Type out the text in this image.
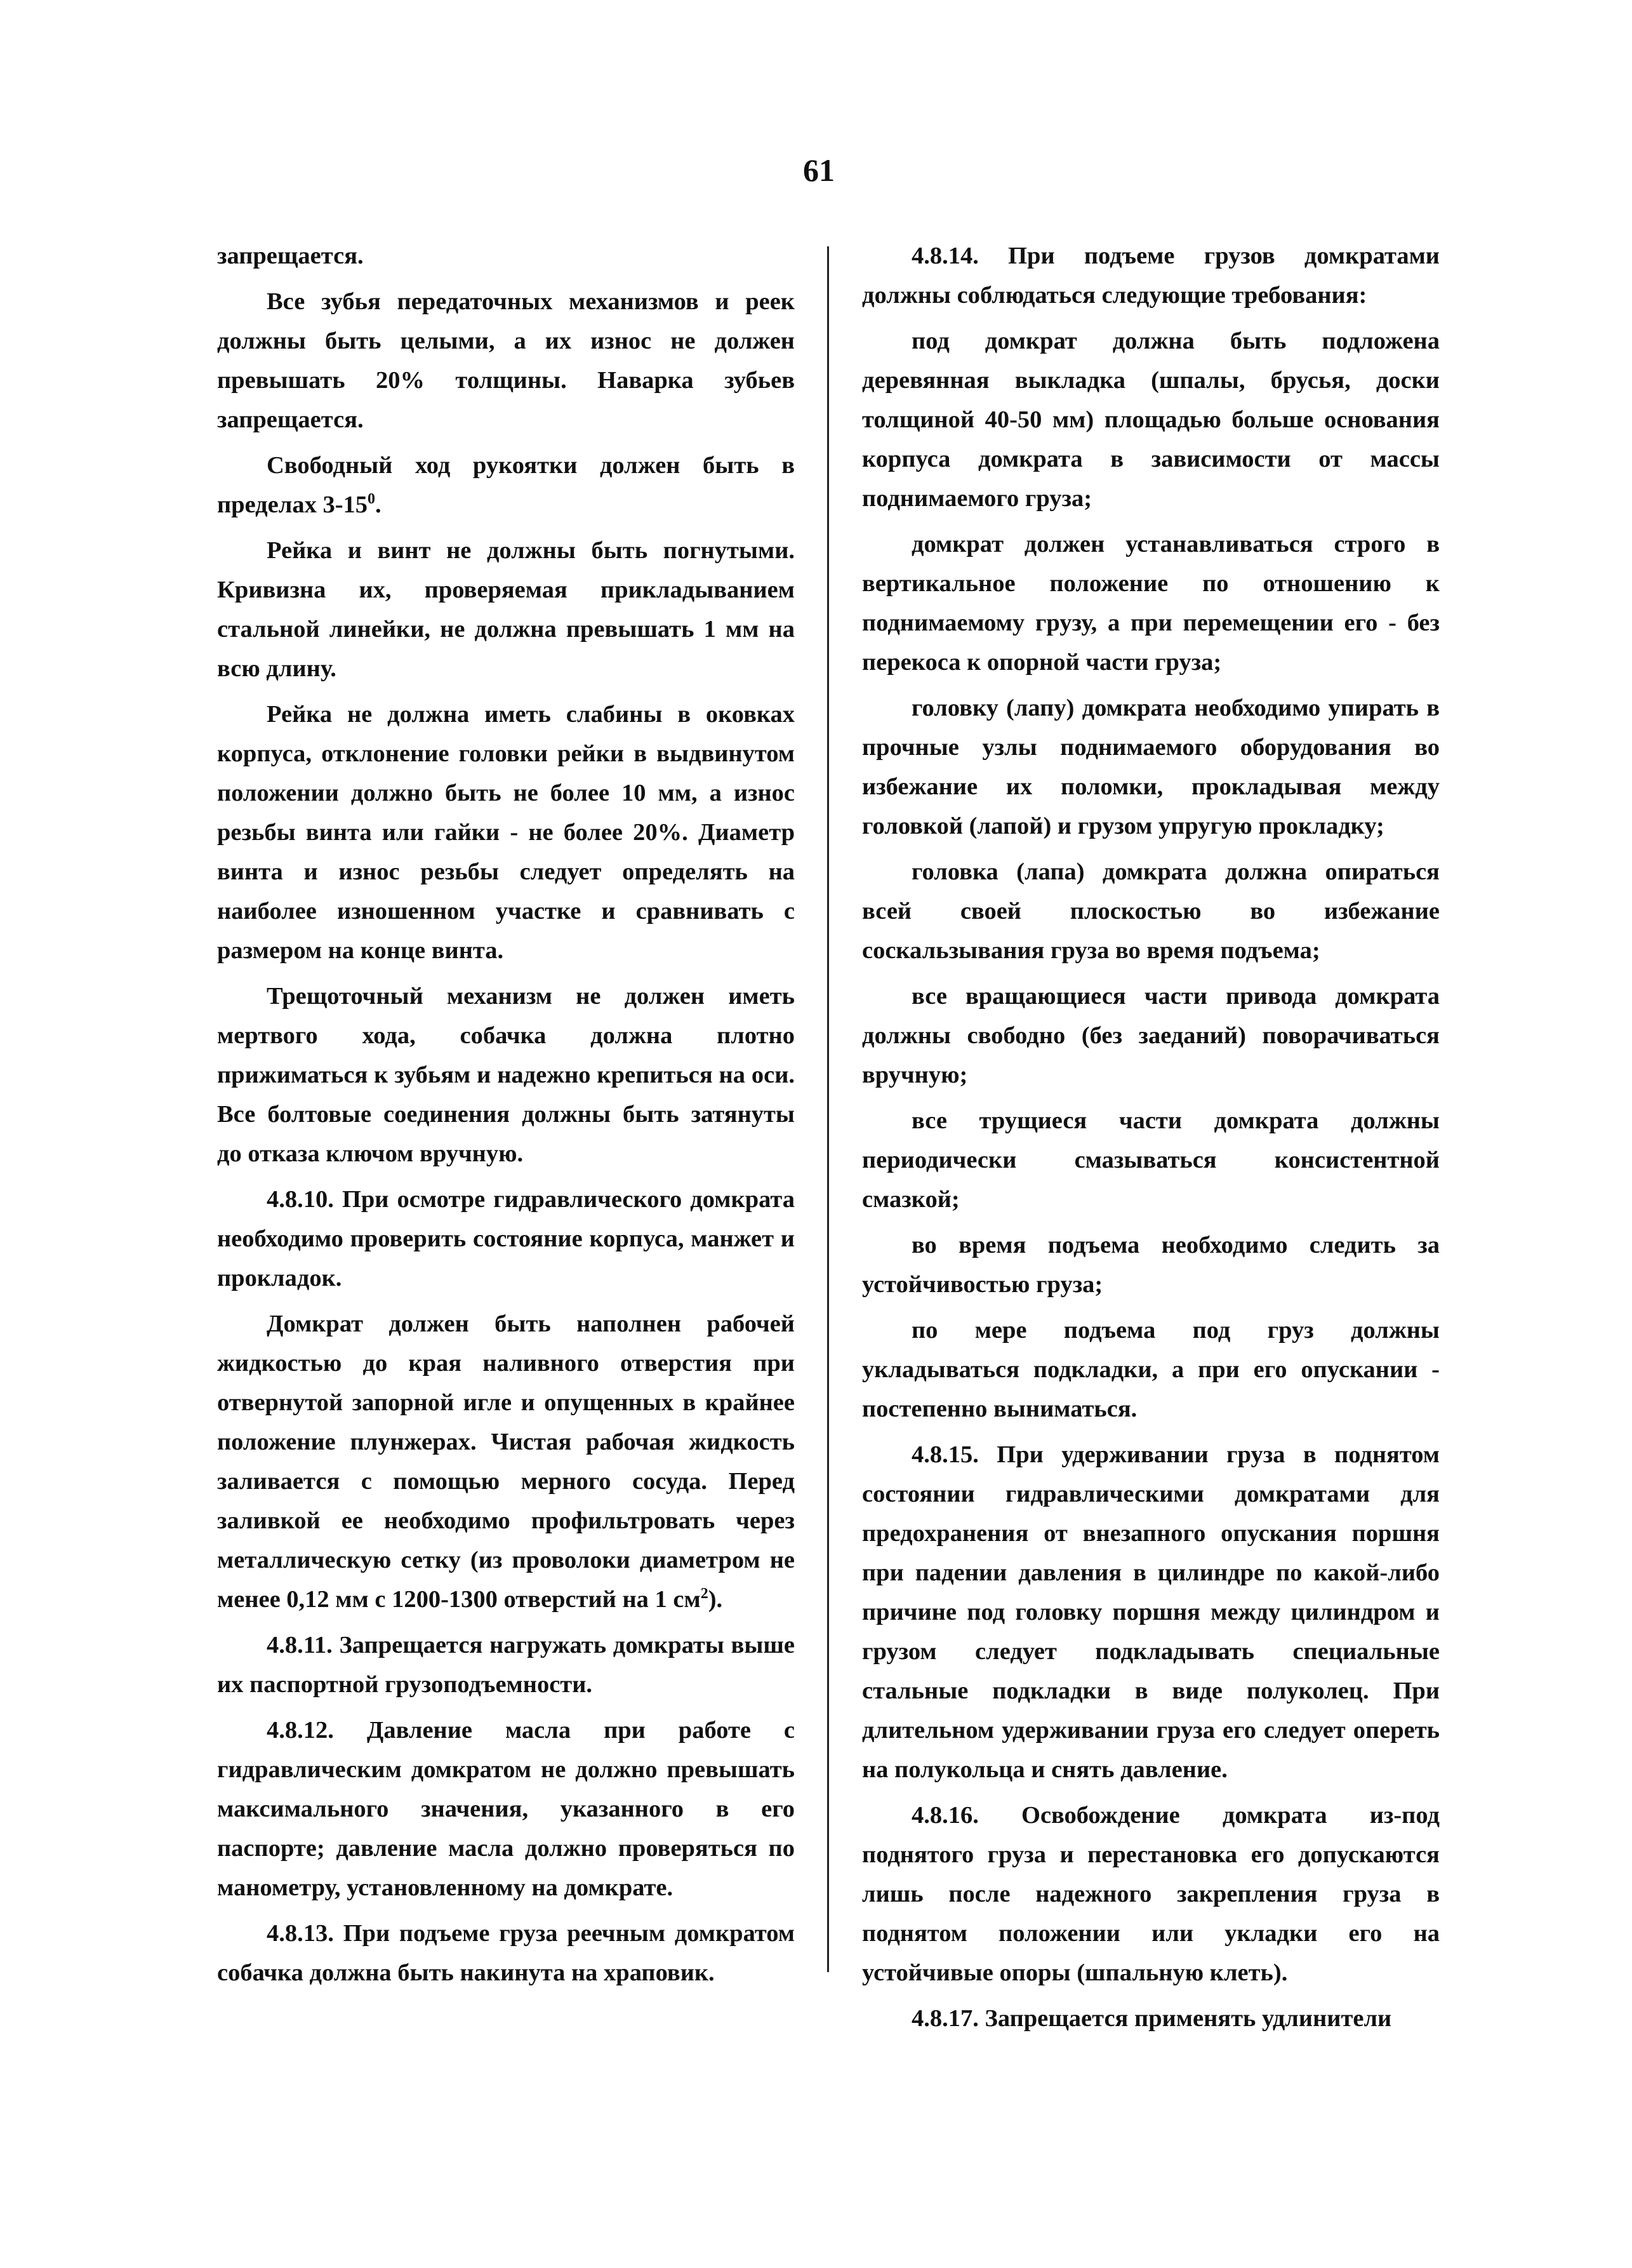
61

запрещается.

Все зубья передаточных механизмов и реек должны быть целыми, а их износ не должен превышать 20% толщины. Наварка зубьев запрещается.

Свободный ход рукоятки должен быть в пределах $3-15^0$.

Рейка и винт не должны быть погнутыми. Кривизна их, проверяемая прикладыванием стальной линейки, не должна превышать 1 мм на всю длину.

Рейка не должна иметь слабины в оковках корпуса, отклонение головки рейки в выдвинутом положении должно быть не более 10 мм, а износ резьбы винта или гайки - не более 20%. Диаметр винта и износ резьбы следует определять на наиболее изношенном участке и сравнивать с размером на конце винта.

Трещоточный механизм не должен иметь мертвого хода, собачка должна плотно прижиматься к зубьям и надежно крепиться на оси. Все болтовые соединения должны быть затянуты до отказа ключом вручную.

4.8.10. При осмотре гидравлического домкрата необходимо проверить состояние корпуса, манжет и прокладок.

Домкрат должен быть наполнен рабочей жидкостью до края наливного отверстия при отвернутой запорной игле и опущенных в крайнее положение плунжерах. Чистая рабочая жидкость заливается с помощью мерного сосуда. Перед заливкой ее необходимо профильтровать через металлическую сетку (из проволоки диаметром не менее 0,12 мм с 1200-1300 отверстий на 1 $см^2$).

4.8.11. Запрещается нагружать домкраты выше их паспортной грузоподъемности.

4.8.12. Давление масла при работе с гидравлическим домкратом не должно превышать максимального значения, указанного в его паспорте; давление масла должно проверяться по манометру, установленному на домкрате.

4.8.13. При подъеме груза реечным домкратом собачка должна быть накинута на храповик.

4.8.14. При подъеме грузов домкратами должны соблюдаться следующие требования:

под домкрат должна быть подложена деревянная выкладка (шпалы, брусья, доски толщиной 40-50 мм) площадью больше основания корпуса домкрата в зависимости от массы поднимаемого груза;

домкрат должен устанавливаться строго в вертикальное положение по отношению к поднимаемому грузу, а при перемещении его - без перекоса к опорной части груза;

головку (лапу) домкрата необходимо упирать в прочные узлы поднимаемого оборудования во избежание их поломки, прокладывая между головкой (лапой) и грузом упругую прокладку;

головка (лапа) домкрата должна опираться всей своей плоскостью во избежание соскальзывания груза во время подъема;

все вращающиеся части привода домкрата должны свободно (без заеданий) поворачиваться вручную;

все трущиеся части домкрата должны периодически смазываться консистентной смазкой;

во время подъема необходимо следить за устойчивостью груза;

по мере подъема под груз должны укладываться подкладки, а при его опускании - постепенно выниматься.

4.8.15. При удерживании груза в поднятом состоянии гидравлическими домкратами для предохранения от внезапного опускания поршня при падении давления в цилиндре по какой-либо причине под головку поршня между цилиндром и грузом следует подкладывать специальные стальные подкладки в виде полуколец. При длительном удерживании груза его следует опереть на полукольца и снять давление.

4.8.16. Освобождение домкрата из-под поднятого груза и перестановка его допускаются лишь после надежного закрепления груза в поднятом положении или укладки его на устойчивые опоры (шпальную клеть).

4.8.17. Запрещается применять удлинители
